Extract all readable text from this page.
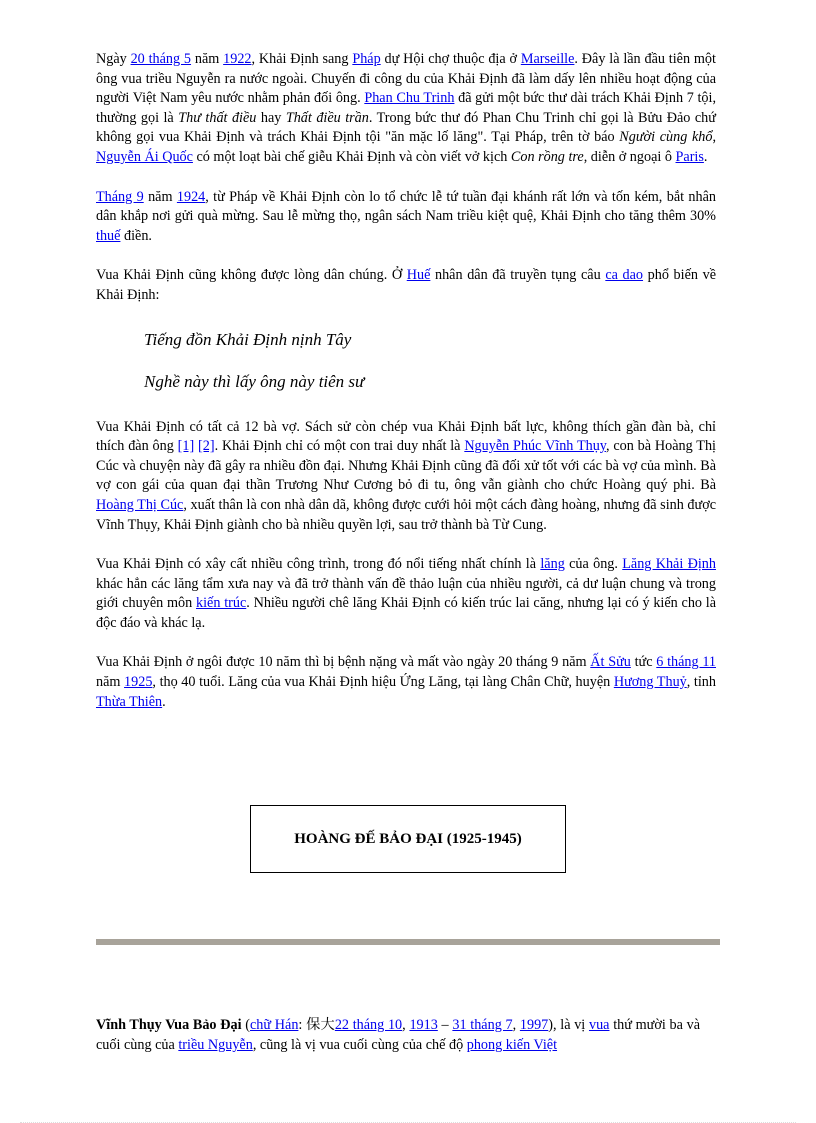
Ngày 20 tháng 5 năm 1922, Khải Định sang Pháp dự Hội chợ thuộc địa ở Marseille. Đây là lần đầu tiên một ông vua triều Nguyễn ra nước ngoài. Chuyến đi công du của Khải Định đã làm dấy lên nhiều hoạt động của người Việt Nam yêu nước nhằm phản đối ông. Phan Chu Trinh đã gửi một bức thư dài trách Khải Định 7 tội, thường gọi là Thư thất điều hay Thất điều trần. Trong bức thư đó Phan Chu Trinh chỉ gọi là Bửu Đảo chứ không gọi vua Khải Định và trách Khải Định tội "ăn mặc lố lăng". Tại Pháp, trên tờ báo Người cùng khổ, Nguyễn Ái Quốc có một loạt bài chế giễu Khải Định và còn viết vở kịch Con rồng tre, diễn ở ngoại ô Paris.

Tháng 9 năm 1924, từ Pháp về Khải Định còn lo tổ chức lễ tứ tuần đại khánh rất lớn và tốn kém, bắt nhân dân khắp nơi gửi quà mừng. Sau lễ mừng thọ, ngân sách Nam triều kiệt quệ, Khải Định cho tăng thêm 30% thuế điền.

Vua Khải Định cũng không được lòng dân chúng. Ở Huế nhân dân đã truyền tụng câu ca dao phổ biến về Khải Định:

Tiếng đồn Khải Định nịnh Tây
Nghề này thì lấy ông này tiên sư

Vua Khải Định có tất cả 12 bà vợ. Sách sử còn chép vua Khải Định bất lực, không thích gần đàn bà, chỉ thích đàn ông [1] [2]. Khải Định chỉ có một con trai duy nhất là Nguyễn Phúc Vĩnh Thụy, con bà Hoàng Thị Cúc và chuyện này đã gây ra nhiều đồn đại. Nhưng Khải Định cũng đã đối xử tốt với các bà vợ của mình. Bà vợ con gái của quan đại thần Trương Như Cương bỏ đi tu, ông vẫn giành cho chức Hoàng quý phi. Bà Hoàng Thị Cúc, xuất thân là con nhà dân dã, không được cưới hỏi một cách đàng hoàng, nhưng đã sinh được Vĩnh Thụy, Khải Định giành cho bà nhiều quyền lợi, sau trở thành bà Từ Cung.

Vua Khải Định có xây cất nhiều công trình, trong đó nổi tiếng nhất chính là lăng của ông. Lăng Khải Định khác hẳn các lăng tẩm xưa nay và đã trở thành vấn đề thảo luận của nhiều người, cả dư luận chung và trong giới chuyên môn kiến trúc. Nhiều người chê lăng Khải Định có kiến trúc lai căng, nhưng lại có ý kiến cho là độc đáo và khác lạ.

Vua Khải Định ở ngôi được 10 năm thì bị bệnh nặng và mất vào ngày 20 tháng 9 năm Ất Sửu tức 6 tháng 11 năm 1925, thọ 40 tuổi. Lăng của vua Khải Định hiệu Ứng Lăng, tại làng Chân Chữ, huyện Hương Thuỷ, tỉnh Thừa Thiên.

HOÀNG ĐẾ BẢO ĐẠI (1925-1945)

Vĩnh Thụy Vua Bảo Đại (chữ Hán: 保大22 tháng 10, 1913 – 31 tháng 7, 1997), là vị vua thứ mười ba và cuối cùng của triều Nguyễn, cũng là vị vua cuối cùng của chế độ phong kiến Việt
